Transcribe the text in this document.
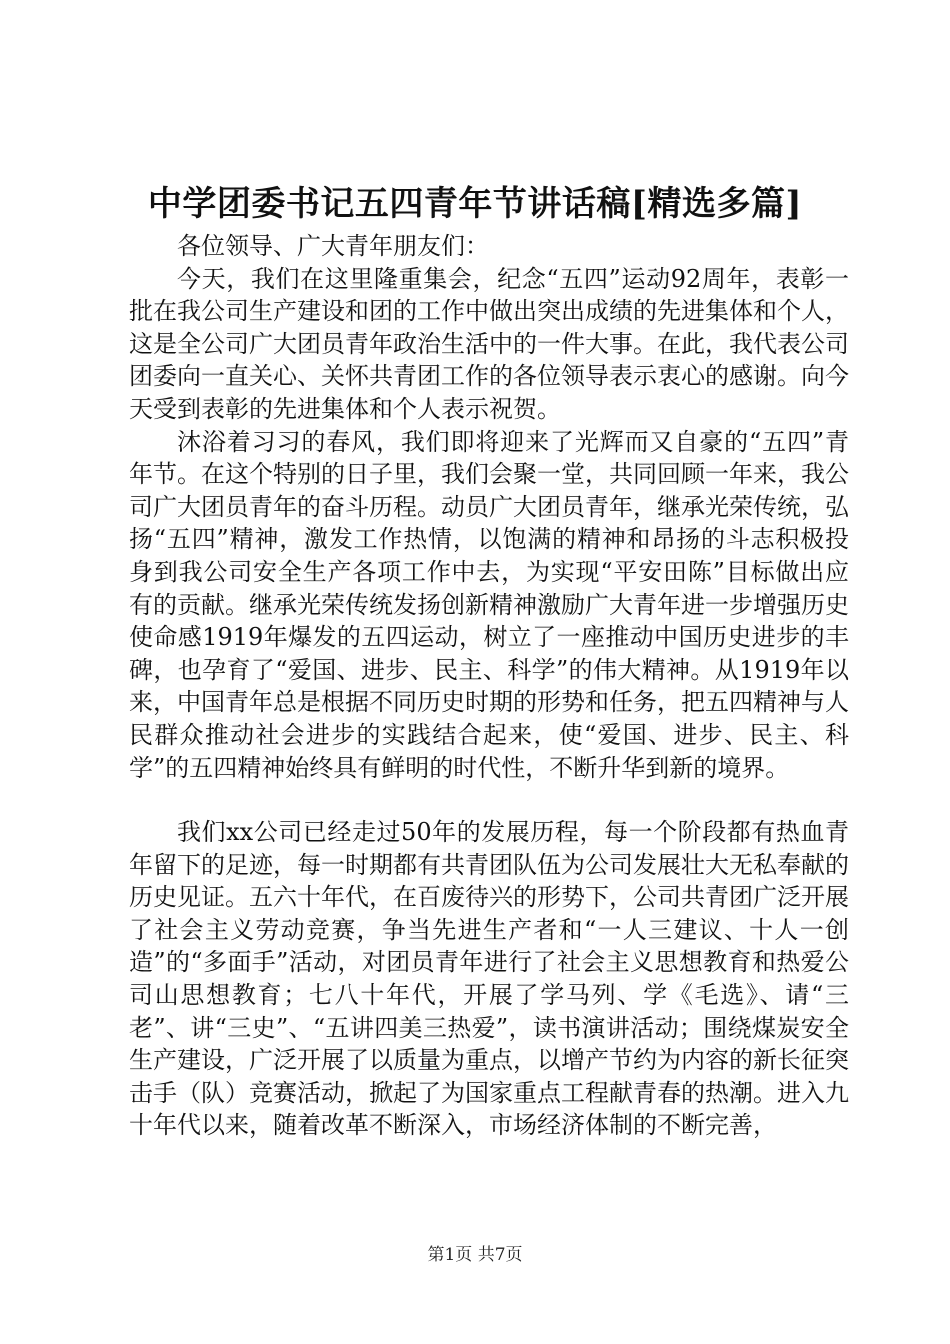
中学团委书记五四青年节讲话稿[精选多篇]

各位领导、广大青年朋友们：

今天，我们在这里隆重集会，纪念“五四”运动92周年，表彰一批在我公司生产建设和团的工作中做出突出成绩的先进集体和个人，这是全公司广大团员青年政治生活中的一件大事。在此，我代表公司团委向一直关心、关怀共青团工作的各位领导表示衷心的感谢。向今天受到表彰的先进集体和个人表示祝贺。

沐浴着习习的春风，我们即将迎来了光辉而又自豪的“五四”青年节。在这个特别的日子里，我们会聚一堂，共同回顾一年来，我公司广大团员青年的奋斗历程。动员广大团员青年，继承光荣传统，弘扬“五四”精神，激发工作热情，以饱满的精神和昂扬的斗志积极投身到我公司安全生产各项工作中去，为实现“平安田陈”目标做出应有的贡献。继承光荣传统发扬创新精神激励广大青年进一步增强历史使命感1919年爆发的五四运动，树立了一座推动中国历史进步的丰碑，也孕育了“爱国、进步、民主、科学”的伟大精神。从1919年以来，中国青年总是根据不同历史时期的形势和任务，把五四精神与人民群众推动社会进步的实践结合起来，使“爱国、进步、民主、科学”的五四精神始终具有鲜明的时代性，不断升华到新的境界。

我们xx公司已经走过50年的发展历程，每一个阶段都有热血青年留下的足迹，每一时期都有共青团队伍为公司发展壮大无私奉献的历史见证。五六十年代，在百废待兴的形势下，公司共青团广泛开展了社会主义劳动竞赛，争当先进生产者和“一人三建议、十人一创造”的“多面手”活动，对团员青年进行了社会主义思想教育和热爱公司山思想教育；七八十年代，开展了学马列、学《毛选》、请“三老”、讲“三史”、“五讲四美三热爱”，读书演讲活动；围绕煤炭安全生产建设，广泛开展了以质量为重点，以增产节约为内容的新长征突击手（队）竞赛活动，掀起了为国家重点工程献青春的热潮。进入九十年代以来，随着改革不断深入，市场经济体制的不断完善，

第1页 共7页
